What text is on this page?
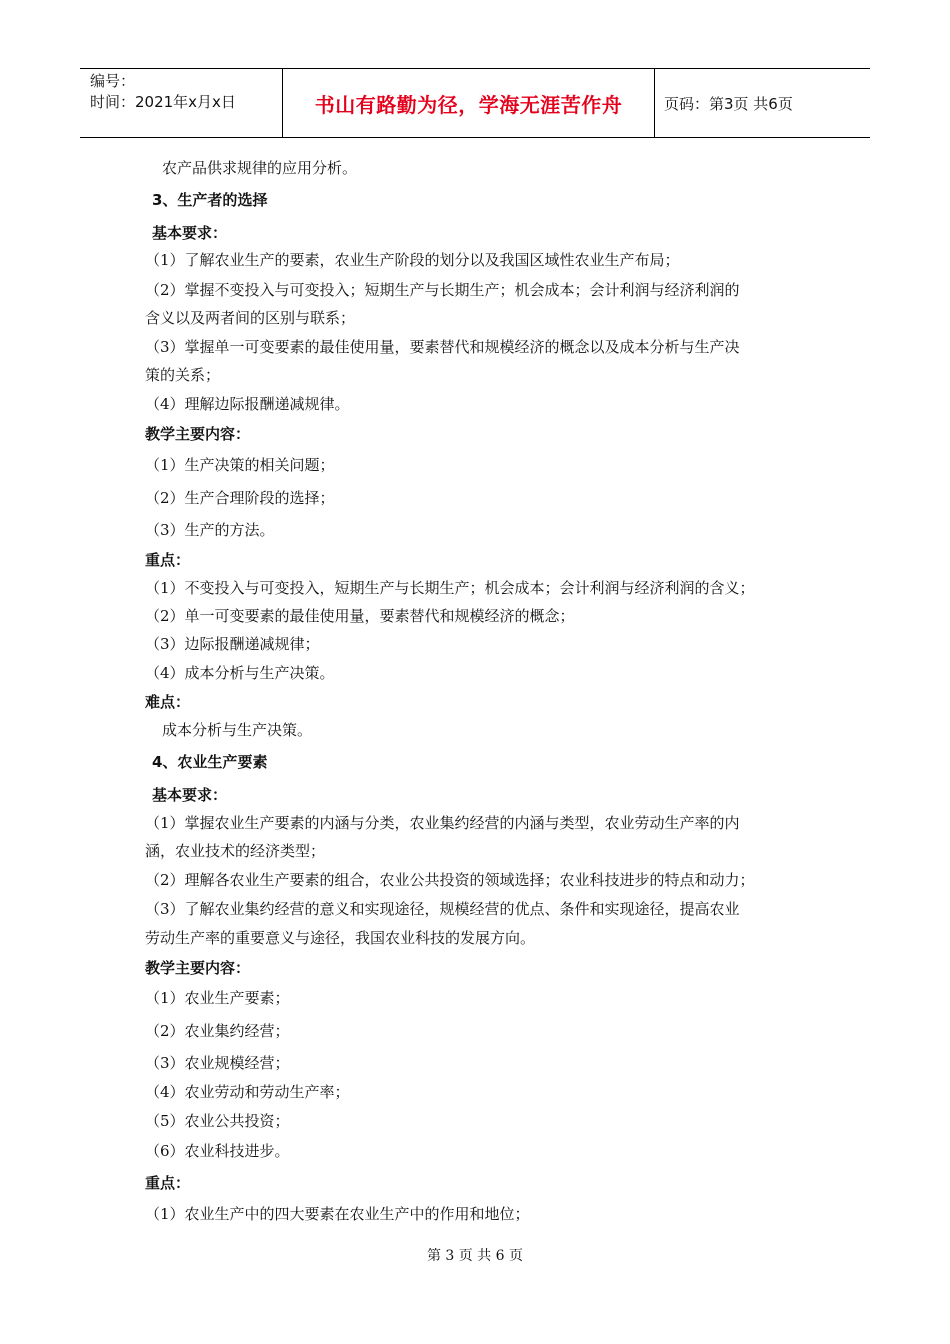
编号：
时间：2021年x月x日	书山有路勤为径，学海无涯苦作舟	页码：第3页 共6页
农产品供求规律的应用分析。
3、生产者的选择
基本要求：
（1）了解农业生产的要素，农业生产阶段的划分以及我国区域性农业生产布局；
（2）掌握不变投入与可变投入；短期生产与长期生产；机会成本；会计利润与经济利润的
含义以及两者间的区别与联系；
（3）掌握单一可变要素的最佳使用量，要素替代和规模经济的概念以及成本分析与生产决
策的关系；
（4）理解边际报酬递减规律。
教学主要内容：
（1）生产决策的相关问题；
（2）生产合理阶段的选择；
（3）生产的方法。
重点：
（1）不变投入与可变投入，短期生产与长期生产；机会成本；会计利润与经济利润的含义；
（2）单一可变要素的最佳使用量，要素替代和规模经济的概念；
（3）边际报酬递减规律；
（4）成本分析与生产决策。
难点：
成本分析与生产决策。
4、农业生产要素
基本要求：
（1）掌握农业生产要素的内涵与分类，农业集约经营的内涵与类型，农业劳动生产率的内
涵，农业技术的经济类型；
（2）理解各农业生产要素的组合，农业公共投资的领域选择；农业科技进步的特点和动力；
（3）了解农业集约经营的意义和实现途径，规模经营的优点、条件和实现途径，提高农业
劳动生产率的重要意义与途径，我国农业科技的发展方向。
教学主要内容：
（1）农业生产要素；
（2）农业集约经营；
（3）农业规模经营；
（4）农业劳动和劳动生产率；
（5）农业公共投资；
（6）农业科技进步。
重点：
（1）农业生产中的四大要素在农业生产中的作用和地位；
第 3 页 共 6 页
